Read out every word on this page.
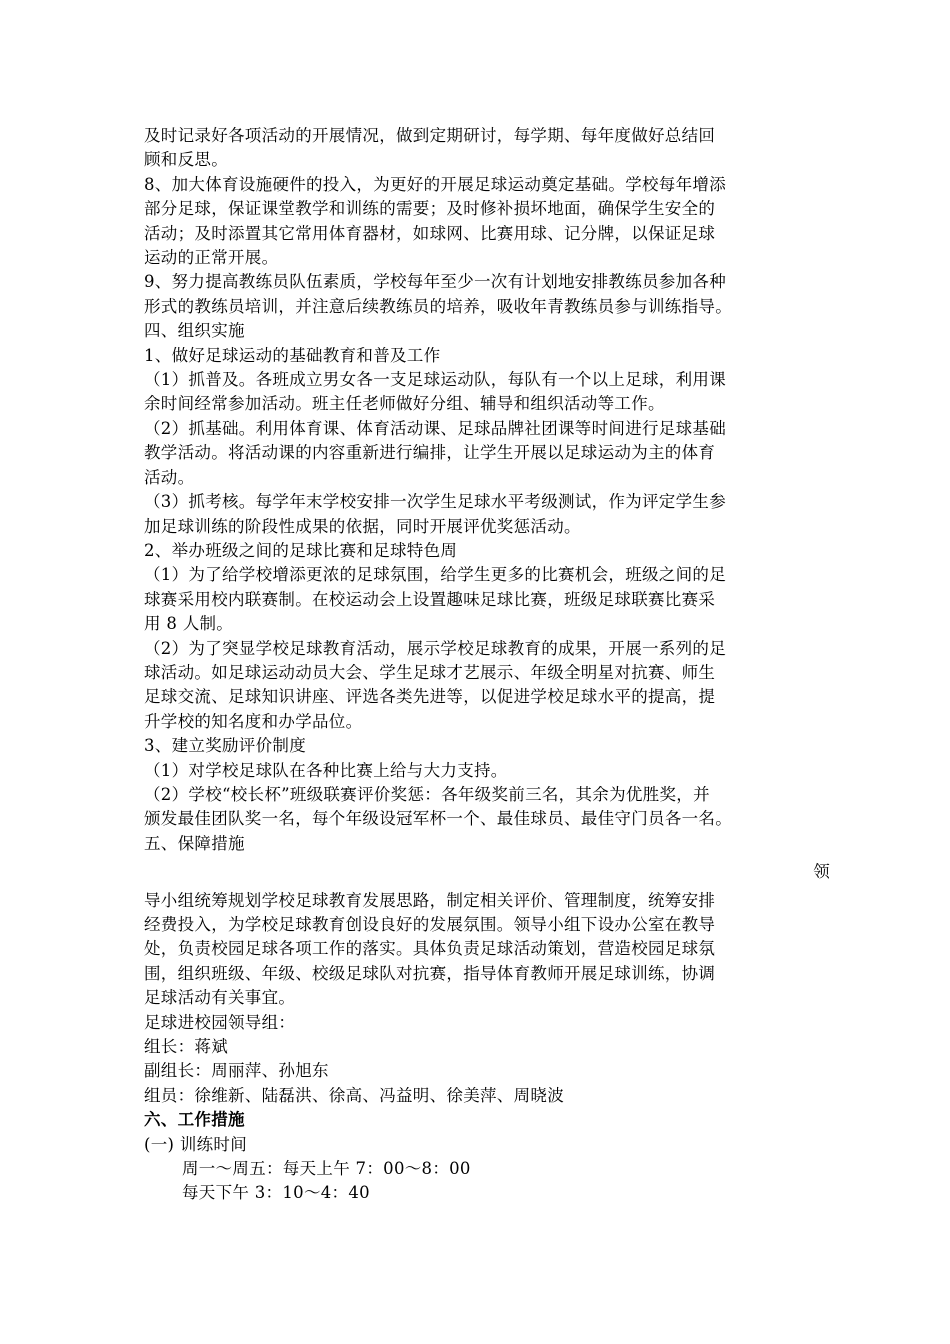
及时记录好各项活动的开展情况，做到定期研讨，每学期、每年度做好总结回
顾和反思。
8、加大体育设施硬件的投入，为更好的开展足球运动奠定基础。学校每年增添
部分足球，保证课堂教学和训练的需要；及时修补损坏地面，确保学生安全的
活动；及时添置其它常用体育器材，如球网、比赛用球、记分牌，以保证足球
运动的正常开展。
9、努力提高教练员队伍素质，学校每年至少一次有计划地安排教练员参加各种
形式的教练员培训，并注意后续教练员的培养，吸收年青教练员参与训练指导。
四、组织实施
1、做好足球运动的基础教育和普及工作
（1）抓普及。各班成立男女各一支足球运动队，每队有一个以上足球，利用课
余时间经常参加活动。班主任老师做好分组、辅导和组织活动等工作。
（2）抓基础。利用体育课、体育活动课、足球品牌社团课等时间进行足球基础
教学活动。将活动课的内容重新进行编排，让学生开展以足球运动为主的体育
活动。
（3）抓考核。每学年末学校安排一次学生足球水平考级测试，作为评定学生参
加足球训练的阶段性成果的依据，同时开展评优奖惩活动。
2、举办班级之间的足球比赛和足球特色周
（1）为了给学校增添更浓的足球氛围，给学生更多的比赛机会，班级之间的足
球赛采用校内联赛制。在校运动会上设置趣味足球比赛，班级足球联赛比赛采
用 8 人制。
（2）为了突显学校足球教育活动，展示学校足球教育的成果，开展一系列的足
球活动。如足球运动动员大会、学生足球才艺展示、年级全明星对抗赛、师生
足球交流、足球知识讲座、评选各类先进等，以促进学校足球水平的提高，提
升学校的知名度和办学品位。
3、建立奖励评价制度
（1）对学校足球队在各种比赛上给与大力支持。
（2）学校“校长杯”班级联赛评价奖惩：各年级奖前三名，其余为优胜奖，并
颁发最佳团队奖一名，每个年级设冠军杯一个、最佳球员、最佳守门员各一名。
五、保障措施
领
导小组统筹规划学校足球教育发展思路，制定相关评价、管理制度，统筹安排
经费投入，为学校足球教育创设良好的发展氛围。领导小组下设办公室在教导
处，负责校园足球各项工作的落实。具体负责足球活动策划，营造校园足球氛
围，组织班级、年级、校级足球队对抗赛，指导体育教师开展足球训练，协调
足球活动有关事宜。
足球进校园领导组：
组长：蒋斌
副组长：周丽萍、孙旭东
组员：徐维新、陆磊洪、徐高、冯益明、徐美萍、周晓波
六、工作措施
(一) 训练时间
周一～周五：每天上午 7：00～8：00
每天下午 3：10～4：40
